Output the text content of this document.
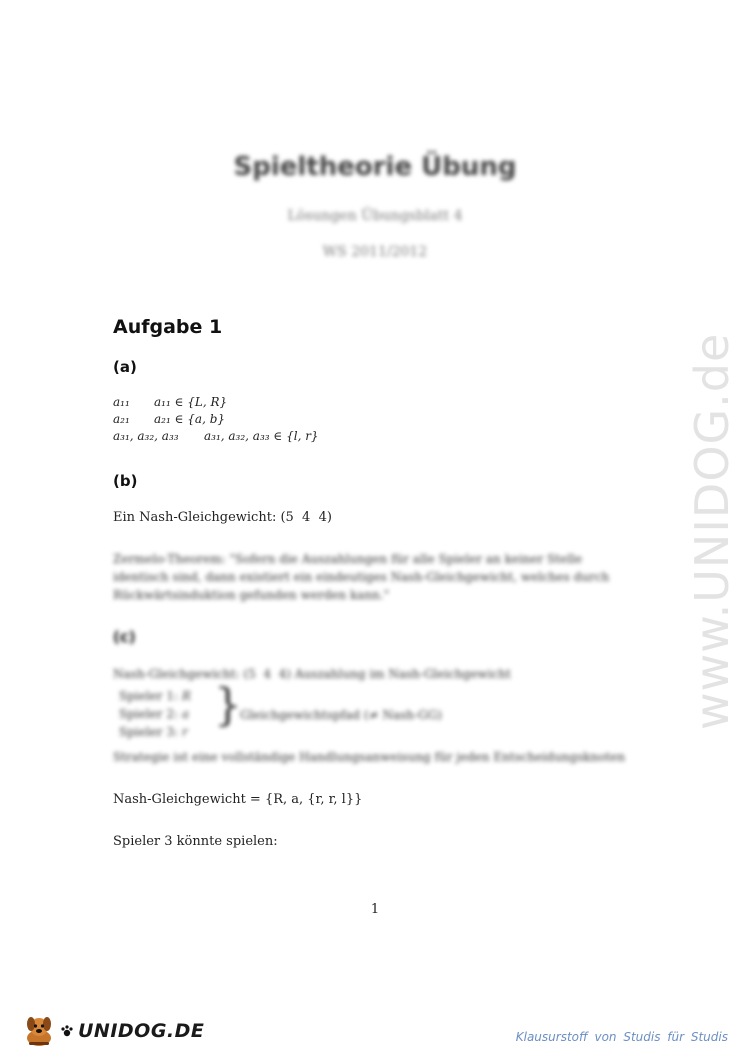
Spieltheorie Übung
Lösungen Übungsblatt 4
WS 2011/2012
Aufgabe 1
(a)
a₁₁ a₁₁ ∈ {L, R}
a₂₁ a₂₁ ∈ {a, b}
a₃₁, a₃₂, a₃₃ a₃₁, a₃₂, a₃₃ ∈ {l, r}
(b)
Ein Nash-Gleichgewicht: (5  4  4)
Zermelo-Theorem: "Sofern die Auszahlungen für alle Spieler an keiner Stelle identisch sind, dann existiert ein eindeutiges Nash-Gleichgewicht, welches durch Rückwärtsinduktion gefunden werden kann."
(c)
Nash-Gleichgewicht: (5  4  4) Auszahlung im Nash-Gleichgewicht
Spieler 1: R
Spieler 2: a
Spieler 3: r
}
Gleichgewichtspfad (≠ Nash-GG)
Strategie ist eine vollständige Handlungsanweisung für jeden Entscheidungsknoten
Nash-Gleichgewicht = {R, a, {r, r, l}}
Spieler 3 könnte spielen:
1
www.UNIDOG.de
UNIDOG.DE	Klausurstoff von Studis für Studis
